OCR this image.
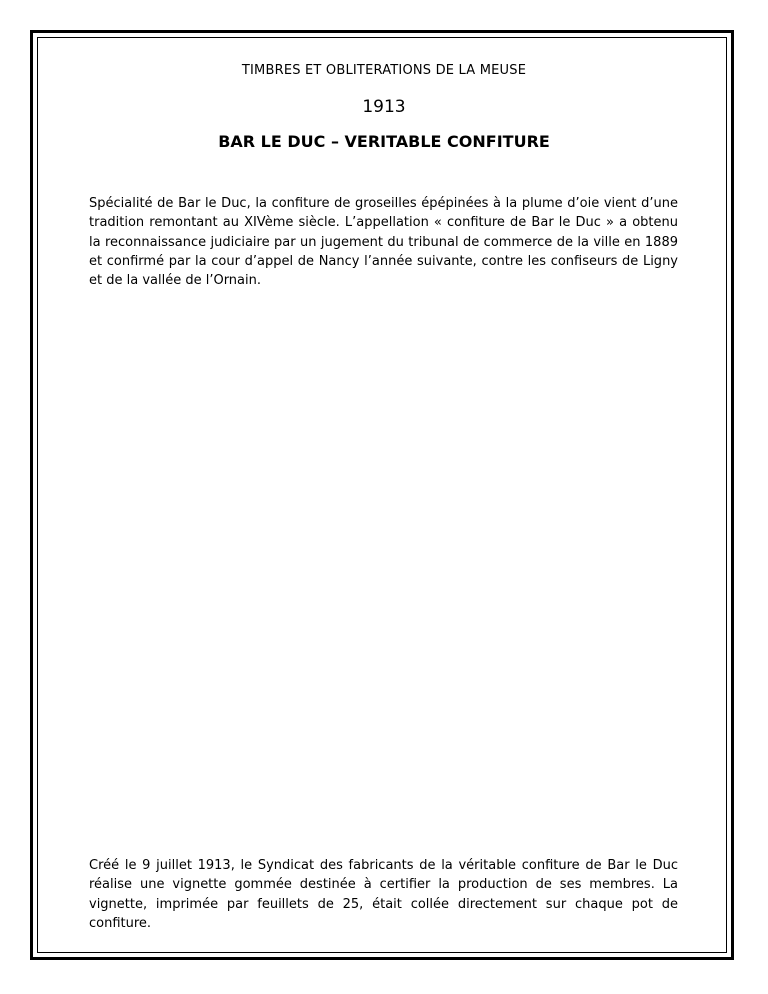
TIMBRES ET OBLITERATIONS DE LA MEUSE
1913
BAR LE DUC – VERITABLE CONFITURE

Spécialité de Bar le Duc, la confiture de groseilles épépinées à la plume d’oie vient d’une tradition remontant au XIVème siècle. L’appellation « confiture de Bar le Duc » a obtenu la reconnaissance judiciaire par un jugement du tribunal de commerce de la ville en 1889 et confirmé par la cour d’appel de Nancy l’année suivante, contre les confiseurs de Ligny et de la vallée de l’Ornain.

Créé le 9 juillet 1913, le Syndicat des fabricants de la véritable confiture de Bar le Duc réalise une vignette gommée destinée à certifier la production de ses membres. La vignette, imprimée par feuillets de 25, était collée directement sur chaque pot de confiture.
